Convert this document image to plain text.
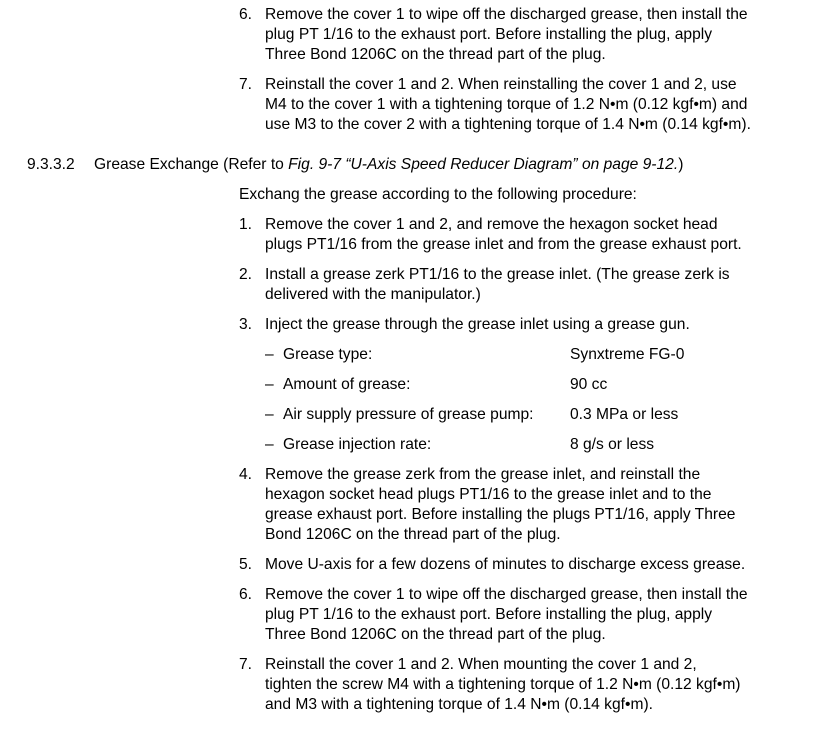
6. Remove the cover 1 to wipe off the discharged grease, then install the
plug PT 1/16 to the exhaust port. Before installing the plug, apply
Three Bond 1206C on the thread part of the plug.
7. Reinstall the cover 1 and 2. When reinstalling the cover 1 and 2, use
M4 to the cover 1 with a tightening torque of 1.2 N•m (0.12 kgf•m) and
use M3 to the cover 2 with a tightening torque of 1.4 N•m (0.14 kgf•m).
9.3.3.2 Grease Exchange (Refer to Fig. 9-7 “U-Axis Speed Reducer Diagram” on page 9-12.)
Exchang the grease according to the following procedure:
1. Remove the cover 1 and 2, and remove the hexagon socket head
plugs PT1/16 from the grease inlet and from the grease exhaust port.
2. Install a grease zerk PT1/16 to the grease inlet. (The grease zerk is
delivered with the manipulator.)
3. Inject the grease through the grease inlet using a grease gun.
– Grease type:	Synxtreme FG-0
– Amount of grease:	90 cc
– Air supply pressure of grease pump: 0.3 MPa or less
– Grease injection rate:	8 g/s or less
4. Remove the grease zerk from the grease inlet, and reinstall the
hexagon socket head plugs PT1/16 to the grease inlet and to the
grease exhaust port. Before installing the plugs PT1/16, apply Three
Bond 1206C on the thread part of the plug.
5. Move U-axis for a few dozens of minutes to discharge excess grease.
6. Remove the cover 1 to wipe off the discharged grease, then install the
plug PT 1/16 to the exhaust port. Before installing the plug, apply
Three Bond 1206C on the thread part of the plug.
7. Reinstall the cover 1 and 2. When mounting the cover 1 and 2,
tighten the screw M4 with a tightening torque of 1.2 N•m (0.12 kgf•m)
and M3 with a tightening torque of 1.4 N•m (0.14 kgf•m).
